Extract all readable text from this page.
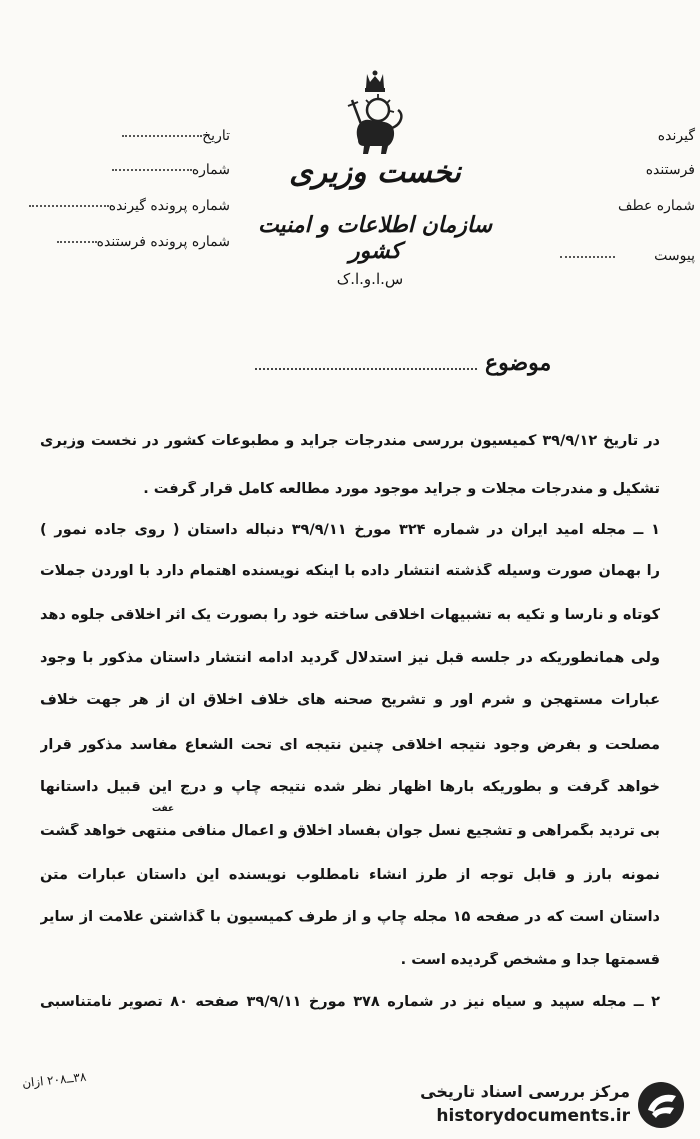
نخست وزیری
سازمان اطلاعات و امنیت کشور
س.ا.و.ا.ک
تاریخ
شماره
شماره پرونده گیرنده
شماره پرونده فرستنده
گیرنده
فرستنده
شماره عطف
پیوست
موضوع
در تاریخ ۳۹/۹/۱۲ کمیسیون بررسی مندرجات جراید و مطبوعات کشور در نخست وزیری
تشکیل و مندرجات مجلات و جراید موجود مورد مطالعه کامل قرار گرفت .
۱ ــ مجله امید ایران در شماره ۳۲۴ مورخ ۳۹/۹/۱۱ دنباله داستان ( روی جاده نمور )
را بهمان صورت وسیله گذشته انتشار داده با اینکه نویسنده اهتمام دارد با آوردن جملات
کوتاه و نارسا و تکیه به تشبیهات اخلاقی ساخته خود را بصورت یک اثر اخلاقی جلوه دهد
ولی همانطوریکه در جلسه قبل نیز استدلال گردید ادامه انتشار داستان مذکور با وجود
عبارات مستهجن و شرم آور و تشریح صحنه های خلاف اخلاق آن از هر جهت خلاف
مصلحت و بفرض وجود نتیجه اخلاقی چنین نتیجه ای تحت الشعاع مفاسد مذکور قرار
خواهد گرفت و بطوریکه بارها اظهار نظر شده نتیجه چاپ و درج این قبیل داستانها
عفت
بی تردید بگمراهی و تشجیع نسل جوان بفساد اخلاق و اعمال منافی منتهی خواهد گشت
نمونه بارز و قابل توجه از طرز انشاء نامطلوب نویسنده این داستان عبارات متن
داستان است که در صفحه ۱۵ مجله چاپ و از طرف کمیسیون با گذاشتن علامت از سایر
قسمتها جدا و مشخص گردیده است .
۲ ــ مجله سپید و سیاه نیز در شماره ۳۷۸ مورخ ۳۹/۹/۱۱ صفحه ۸۰ تصویر نامتناسبی
۳۸ــ۲۰۸ ازان
مرکز بررسی اسناد تاریخی
historydocuments.ir
